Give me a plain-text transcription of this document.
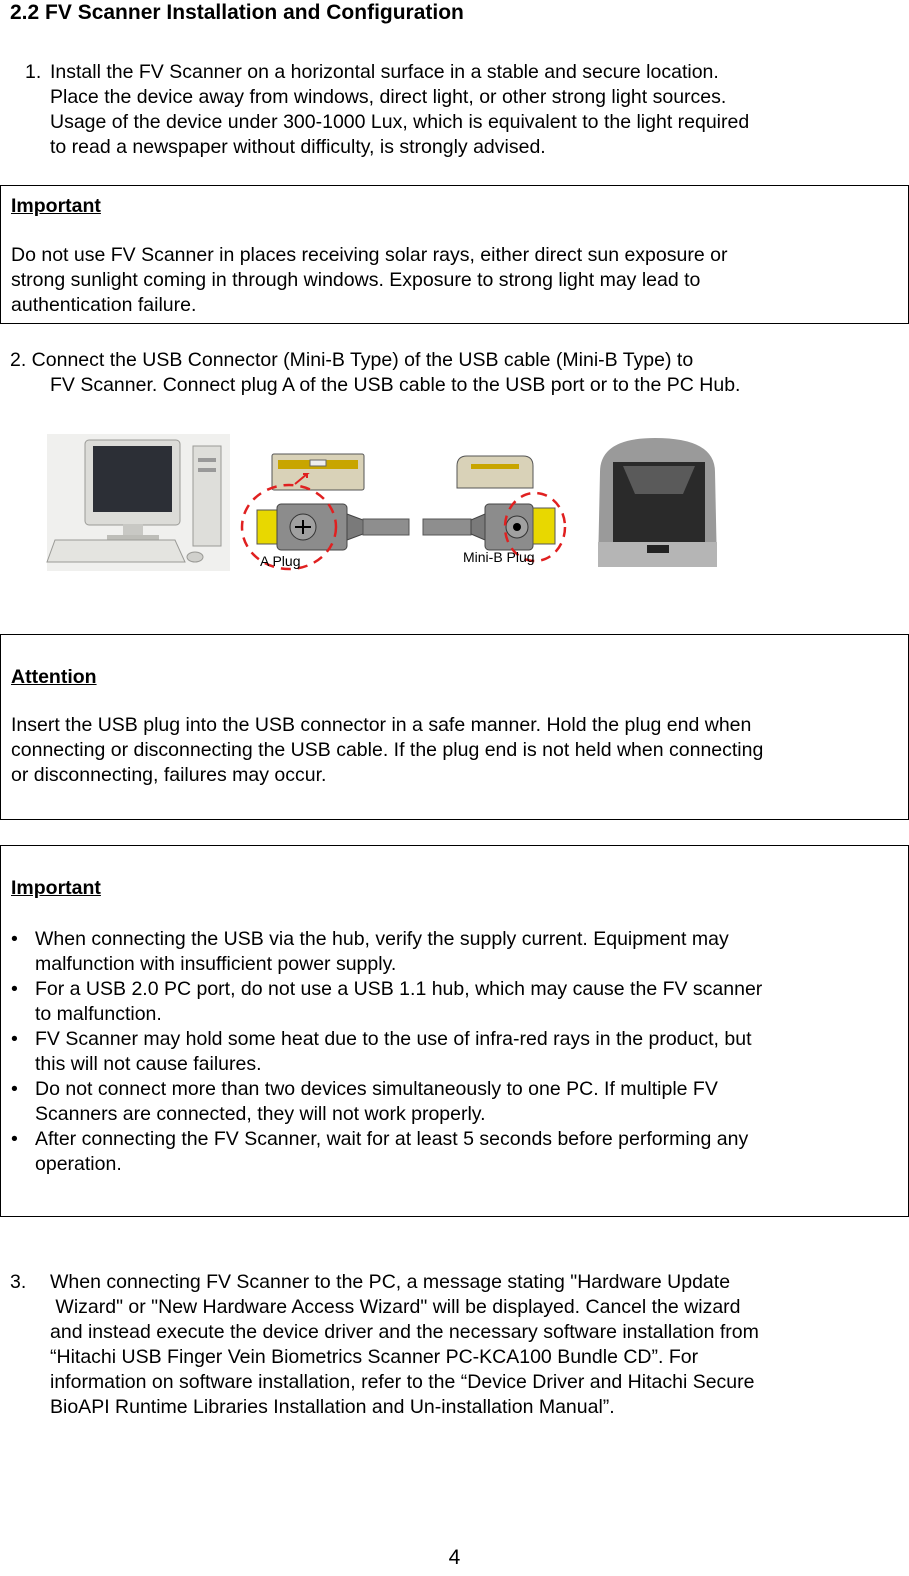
2.2 FV Scanner Installation and Configuration
1. Install the FV Scanner on a horizontal surface in a stable and secure location.
Place the device away from windows, direct light, or other strong light sources.
Usage of the device under 300-1000 Lux, which is equivalent to the light required
to read a newspaper without difficulty, is strongly advised.
Important
Do not use FV Scanner in places receiving solar rays, either direct sun exposure or
strong sunlight coming in through windows. Exposure to strong light may lead to
authentication failure.
2. Connect the USB Connector (Mini-B Type) of the USB cable (Mini-B Type) to
FV Scanner. Connect plug A of the USB cable to the USB port or to the PC Hub.
A Plug	Mini-B Plug
Attention
Insert the USB plug into the USB connector in a safe manner. Hold the plug end when
connecting or disconnecting the USB cable. If the plug end is not held when connecting
or disconnecting, failures may occur.
Important
• When connecting the USB via the hub, verify the supply current. Equipment may
malfunction with insufficient power supply.
• For a USB 2.0 PC port, do not use a USB 1.1 hub, which may cause the FV scanner
to malfunction.
• FV Scanner may hold some heat due to the use of infra-red rays in the product, but
this will not cause failures.
• Do not connect more than two devices simultaneously to one PC. If multiple FV
Scanners are connected, they will not work properly.
• After connecting the FV Scanner, wait for at least 5 seconds before performing any
operation.
3. When connecting FV Scanner to the PC, a message stating "Hardware Update
Wizard" or "New Hardware Access Wizard" will be displayed. Cancel the wizard
and instead execute the device driver and the necessary software installation from
“Hitachi USB Finger Vein Biometrics Scanner PC-KCA100 Bundle CD”. For
information on software installation, refer to the “Device Driver and Hitachi Secure
BioAPI Runtime Libraries Installation and Un-installation Manual”.
4
